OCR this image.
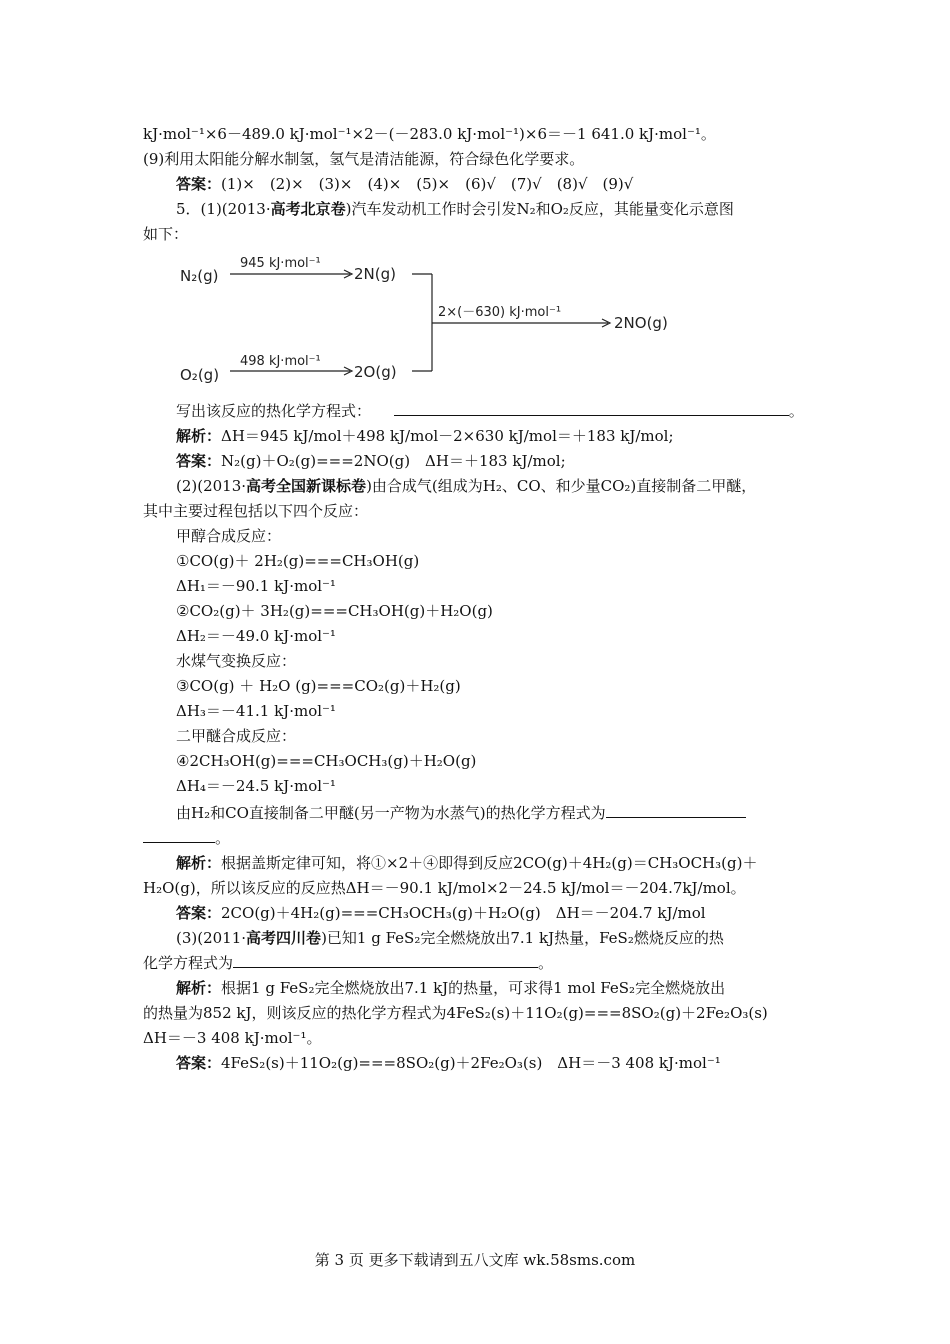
kJ·mol⁻¹×6－489.0 kJ·mol⁻¹×2－(－283.0 kJ·mol⁻¹)×6＝－1 641.0 kJ·mol⁻¹。
(9)利用太阳能分解水制氢，氢气是清洁能源，符合绿色化学要求。
答案：(1)×　(2)×　(3)×　(4)×　(5)×　(6)√　(7)√　(8)√　(9)√
5．(1)(2013·高考北京卷)汽车发动机工作时会引发N₂和O₂反应，其能量变化示意图
如下：
N₂(g)
945 kJ·mol⁻¹
2N(g)
2×(－630) kJ·mol⁻¹
2NO(g)
O₂(g)
498 kJ·mol⁻¹
2O(g)
写出该反应的热化学方程式：	。
解析：ΔH＝945 kJ/mol＋498 kJ/mol－2×630 kJ/mol＝＋183 kJ/mol;
答案：N₂(g)＋O₂(g)===2NO(g)　ΔH＝＋183 kJ/mol;
(2)(2013·高考全国新课标卷)由合成气(组成为H₂、CO、和少量CO₂)直接制备二甲醚，
其中主要过程包括以下四个反应：
甲醇合成反应：
①CO(g)＋ 2H₂(g)===CH₃OH(g)
ΔH₁＝－90.1 kJ·mol⁻¹
②CO₂(g)＋ 3H₂(g)===CH₃OH(g)＋H₂O(g)
ΔH₂＝－49.0 kJ·mol⁻¹
水煤气变换反应：
③CO(g) ＋ H₂O (g)===CO₂(g)＋H₂(g)
ΔH₃＝－41.1 kJ·mol⁻¹
二甲醚合成反应：
④2CH₃OH(g)===CH₃OCH₃(g)＋H₂O(g)
ΔH₄＝－24.5 kJ·mol⁻¹
由H₂和CO直接制备二甲醚(另一产物为水蒸气)的热化学方程式为
。
解析：根据盖斯定律可知，将①×2＋④即得到反应2CO(g)＋4H₂(g)＝CH₃OCH₃(g)＋
H₂O(g)，所以该反应的反应热ΔH＝－90.1 kJ/mol×2－24.5 kJ/mol＝－204.7kJ/mol。
答案：2CO(g)＋4H₂(g)===CH₃OCH₃(g)＋H₂O(g)　ΔH＝－204.7 kJ/mol
(3)(2011·高考四川卷)已知1 g FeS₂完全燃烧放出7.1 kJ热量，FeS₂燃烧反应的热
化学方程式为	。
解析：根据1 g FeS₂完全燃烧放出7.1 kJ的热量，可求得1 mol FeS₂完全燃烧放出
的热量为852 kJ，则该反应的热化学方程式为4FeS₂(s)＋11O₂(g)===8SO₂(g)＋2Fe₂O₃(s)
ΔH＝－3 408 kJ·mol⁻¹。
答案：4FeS₂(s)＋11O₂(g)===8SO₂(g)＋2Fe₂O₃(s)　ΔH＝－3 408 kJ·mol⁻¹
第 3 页 更多下载请到五八文库 wk.58sms.com
